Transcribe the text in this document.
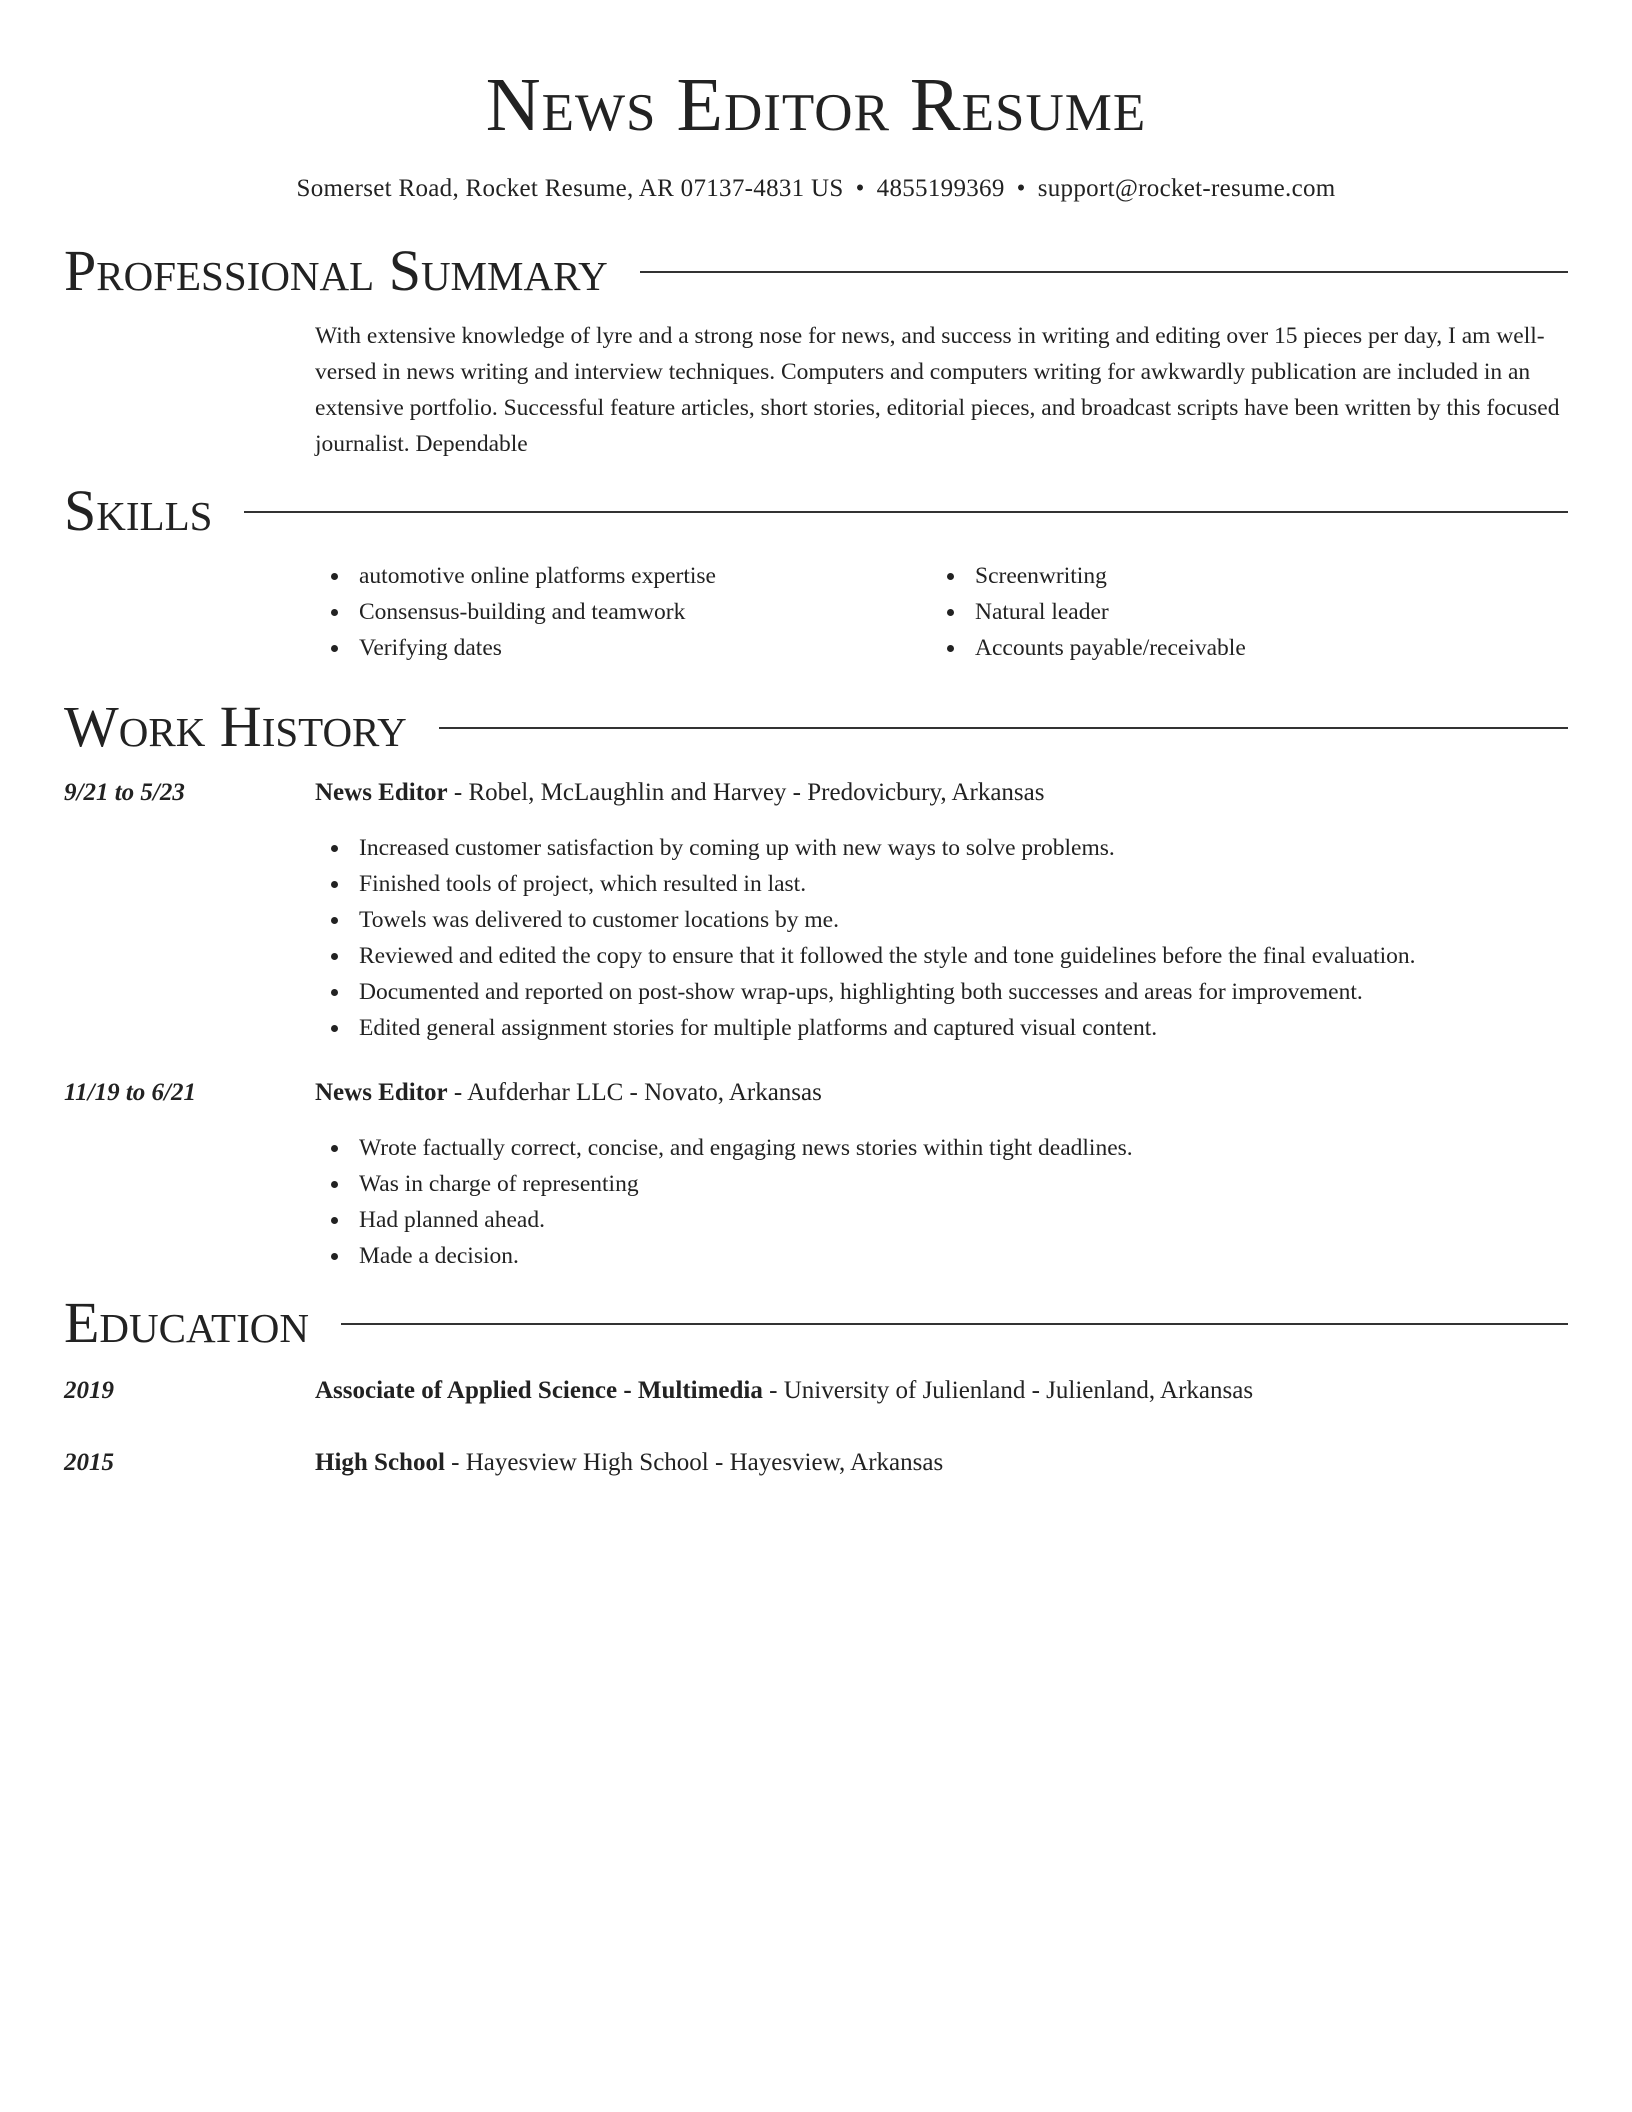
News Editor Resume
Somerset Road, Rocket Resume, AR 07137-4831 US • 4855199369 • support@rocket-resume.com
Professional Summary
With extensive knowledge of lyre and a strong nose for news, and success in writing and editing over 15 pieces per day, I am well-versed in news writing and interview techniques. Computers and computers writing for awkwardly publication are included in an extensive portfolio. Successful feature articles, short stories, editorial pieces, and broadcast scripts have been written by this focused journalist. Dependable
Skills
automotive online platforms expertise
Consensus-building and teamwork
Verifying dates
Screenwriting
Natural leader
Accounts payable/receivable
Work History
9/21 to 5/23	News Editor - Robel, McLaughlin and Harvey - Predovicbury, Arkansas
Increased customer satisfaction by coming up with new ways to solve problems.
Finished tools of project, which resulted in last.
Towels was delivered to customer locations by me.
Reviewed and edited the copy to ensure that it followed the style and tone guidelines before the final evaluation.
Documented and reported on post-show wrap-ups, highlighting both successes and areas for improvement.
Edited general assignment stories for multiple platforms and captured visual content.
11/19 to 6/21	News Editor - Aufderhar LLC - Novato, Arkansas
Wrote factually correct, concise, and engaging news stories within tight deadlines.
Was in charge of representing
Had planned ahead.
Made a decision.
Education
2019	Associate of Applied Science - Multimedia - University of Julienland - Julienland, Arkansas
2015	High School - Hayesview High School - Hayesview, Arkansas
